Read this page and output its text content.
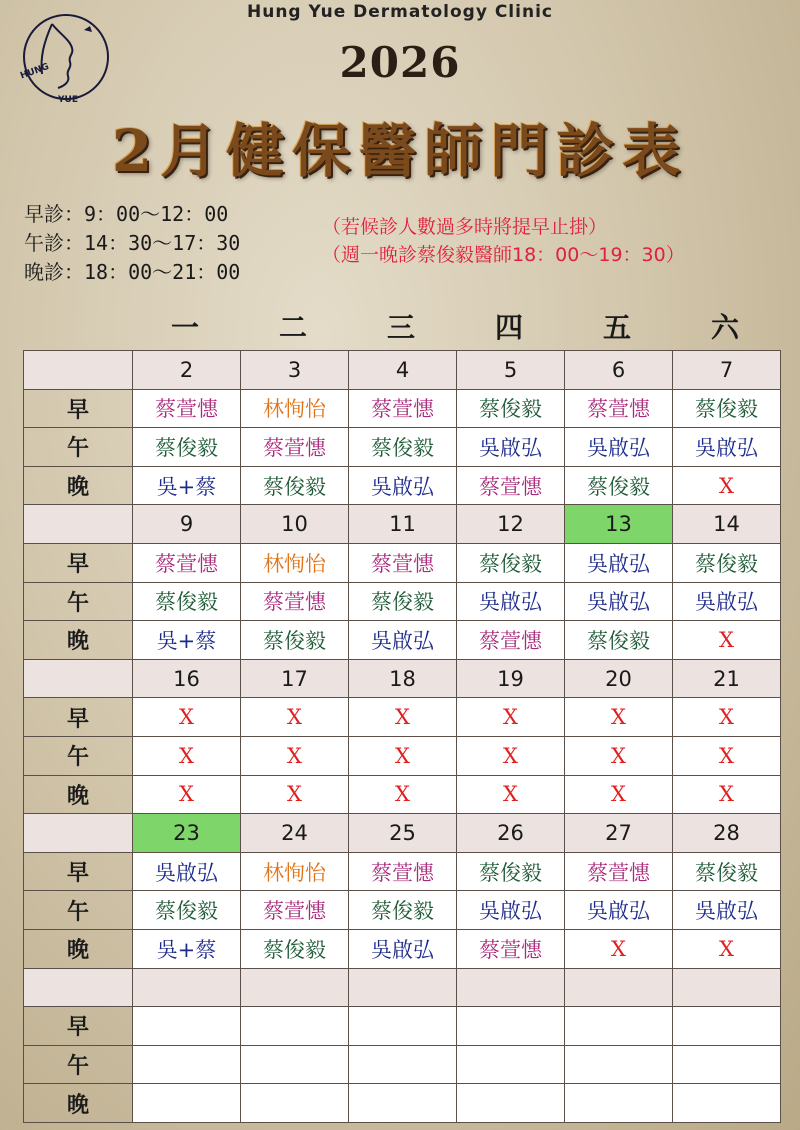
HUNG
YUE
Hung Yue Dermatology Clinic
2026
2月健保醫師門診表
早診：9：00～12：00
午診：14：30～17：30
晚診：18：00～21：00
（若候診人數過多時將提早止掛）
（週一晚診蔡俊毅醫師18：00～19：30）
一	二	三	四	五	六
	2	3	4	5	6	7
早	蔡萱憓	林恂怡	蔡萱憓	蔡俊毅	蔡萱憓	蔡俊毅
午	蔡俊毅	蔡萱憓	蔡俊毅	吳啟弘	吳啟弘	吳啟弘
晚	吳+蔡	蔡俊毅	吳啟弘	蔡萱憓	蔡俊毅	X
	9	10	11	12	13	14
早	蔡萱憓	林恂怡	蔡萱憓	蔡俊毅	吳啟弘	蔡俊毅
午	蔡俊毅	蔡萱憓	蔡俊毅	吳啟弘	吳啟弘	吳啟弘
晚	吳+蔡	蔡俊毅	吳啟弘	蔡萱憓	蔡俊毅	X
	16	17	18	19	20	21
早	X	X	X	X	X	X
午	X	X	X	X	X	X
晚	X	X	X	X	X	X
	23	24	25	26	27	28
早	吳啟弘	林恂怡	蔡萱憓	蔡俊毅	蔡萱憓	蔡俊毅
午	蔡俊毅	蔡萱憓	蔡俊毅	吳啟弘	吳啟弘	吳啟弘
晚	吳+蔡	蔡俊毅	吳啟弘	蔡萱憓	X	X

早						
午						
晚						
